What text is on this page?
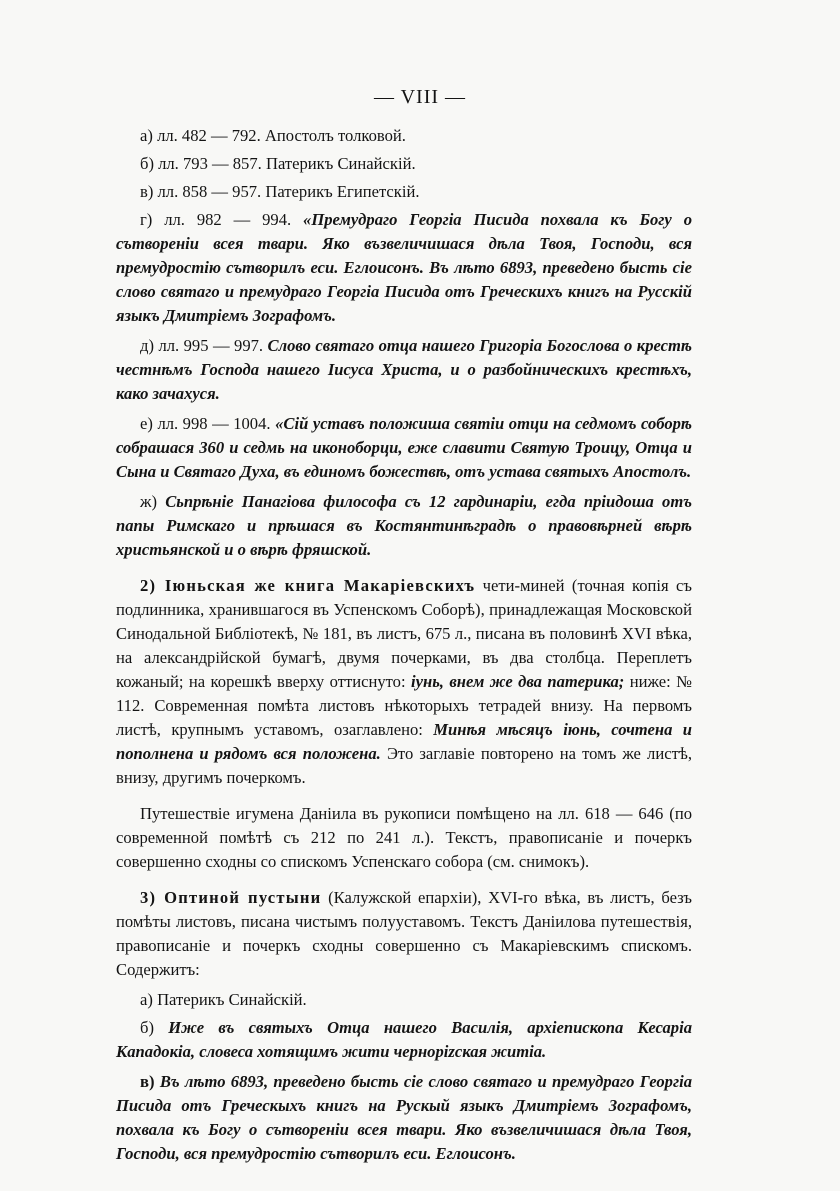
— VIII —

а) лл. 482 — 792. Апостолъ толковой.

б) лл. 793 — 857. Патерикъ Синайскій.

в) лл. 858 — 957. Патерикъ Египетскій.

г) лл. 982 — 994. «Премудраго Георгіа Писида похвала къ Богу о сътворенiи всея твари. Яко възвеличишася дѣла Твоя, Господи, вся премудростію сътворилъ еси. Еглоисонъ. Въ лѣто 6893, преведено бысть сiе слово святаго и премудраго Георгіа Писида отъ Греческихъ книгъ на Русскій языкъ Дмитріемъ Зографомъ.

д) лл. 995 — 997. Слово святаго отца нашего Григоріа Богослова о крестѣ честнѣмъ Господа нашего Іисуса Христа, и о разбойническихъ крестѣхъ, како зачахуся.

е) лл. 998 — 1004. «Сій уставъ положиша святіи отци на седмомъ соборѣ собрашася 360 и седмь на иконоборци, еже славити Святую Троицу, Отца и Сына и Святаго Духа, въ единомъ божествѣ, отъ устава святыхъ Апостолъ.

ж) Сьпрѣніе Панагіова философа съ 12 гардинаріи, егда пріидоша отъ папы Римскаго и прѣшася въ Костянтинѣградѣ о правовѣрней вѣрѣ христьянской и о вѣрѣ фряшской.

2) Іюньская же книга Макаріевскихъ чети-миней (точная копія съ подлинника, хранившагося въ Успенскомъ Соборѣ), принадлежащая Московской Синодальной Библіотекѣ, № 181, въ листъ, 675 л., писана въ половинѣ XVI вѣка, на александрійской бумагѣ, двумя почерками, въ два столбца. Переплетъ кожаный; на корешкѣ вверху оттиснуто: іунь, внем же два патерика; ниже: № 112. Современная помѣта листовъ нѣкоторыхъ тетрадей внизу. На первомъ листѣ, крупнымъ уставомъ, озаглавлено: Минѣя мѣсяцъ іюнь, сочтена и пополнена и рядомъ вся положена. Это заглавіе повторено на томъ же листѣ, внизу, другимъ почеркомъ.

Путешествіе игумена Даніила въ рукописи помѣщено на лл. 618 — 646 (по современной помѣтѣ съ 212 по 241 л.). Текстъ, правописаніе и почеркъ совершенно сходны со спискомъ Успенскаго собора (см. снимокъ).

3) Оптиной пустыни (Калужской епархіи), XVI-го вѣка, въ листъ, безъ помѣты листовъ, писана чистымъ полууставомъ. Текстъ Даніилова путешествія, правописаніе и почеркъ сходны совершенно съ Макаріевскимъ спискомъ. Содержитъ:

а) Патерикъ Синайскій.

б) Иже въ святыхъ Отца нашего Василія, архіепископа Кесаріа Кападокіа, словеса хотящимъ жити чернорizская житіа.

в) Въ лѣто 6893, преведено бысть сiе слово святаго и премудраго Георгіа Писида отъ Греческыхъ книгъ на Рускый языкъ Дмитріемъ Зографомъ, похвала къ Богу о сътворенiи всея твари. Яко възвеличишася дѣла Твоя, Господи, вся премудростію сътворилъ еси. Еглоисонъ.
